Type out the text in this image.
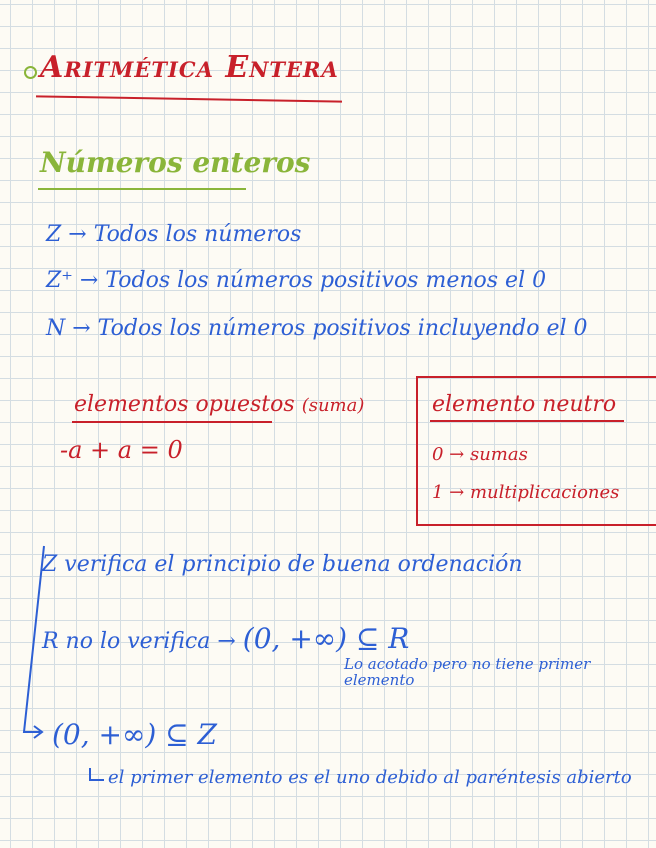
Aritmética Entera
Números enteros

Z → Todos los números

Z⁺ → Todos los números positivos menos el 0

N → Todos los números positivos incluyendo el 0

elementos opuestos (suma)

-a + a = 0

elemento neutro

0 → sumas

1 → multiplicaciones

Z verifica el principio de buena ordenación

R no lo verifica → (0, +∞) ⊆ R

Lo acotado pero no tiene primer elemento

(0, +∞) ⊆ Z

el primer elemento es el uno debido al paréntesis abierto
